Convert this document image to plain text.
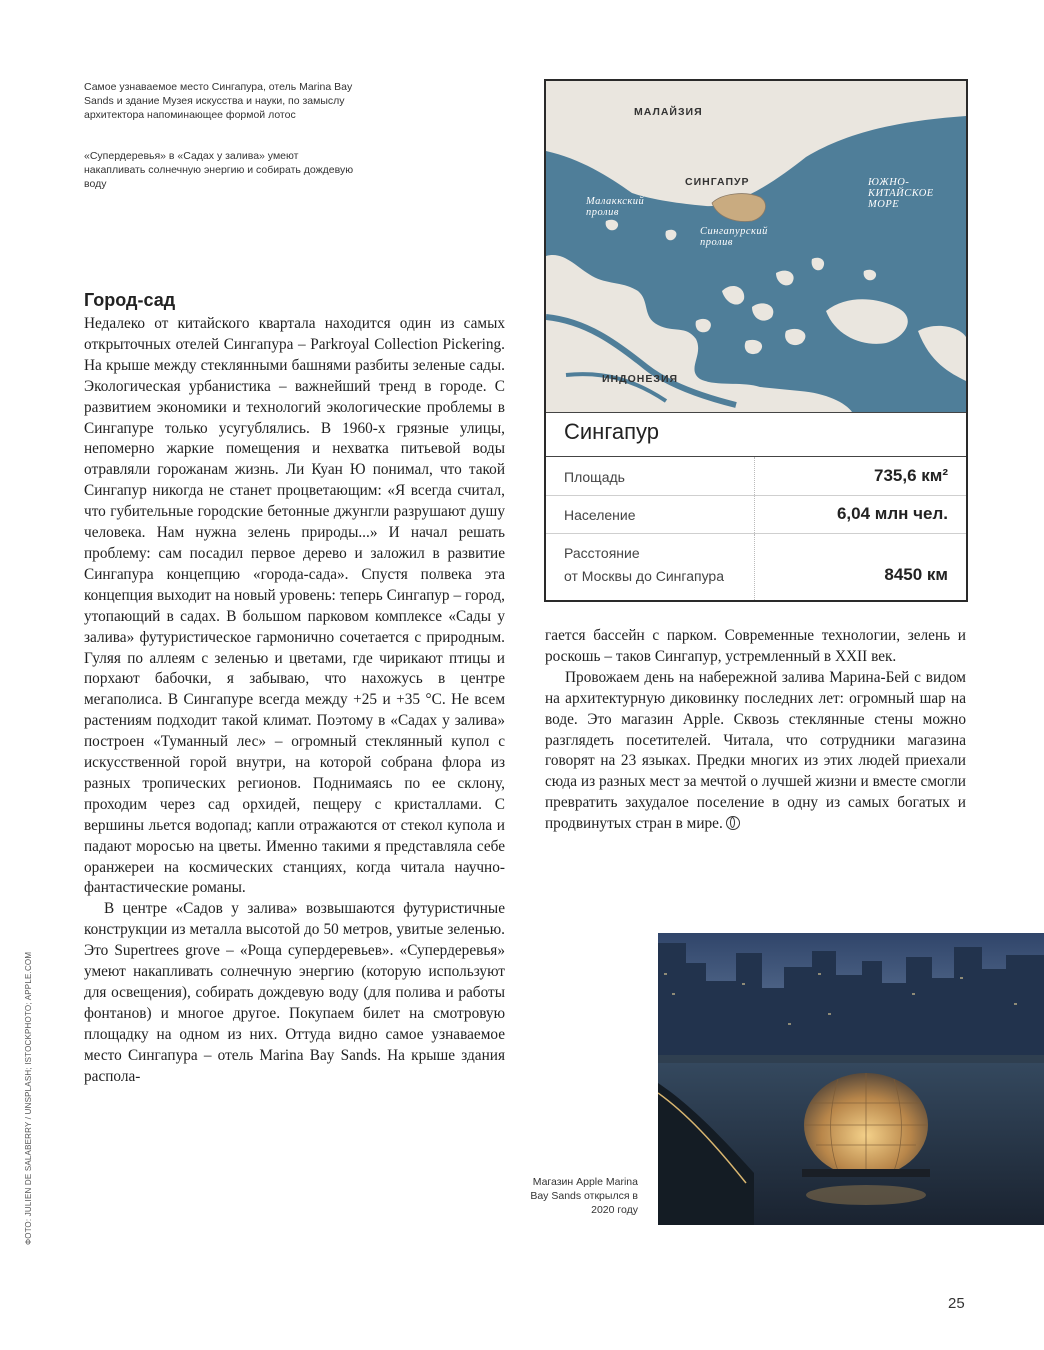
Самое узнаваемое место Сингапура, отель Marina Bay Sands и здание Музея искусства и науки, по замыслу архитектора напоминающее формой лотос
«Супердеревья» в «Садах у залива» умеют накапливать солнечную энергию и собирать дождевую воду
Город-сад

Недалеко от китайского квартала находится один из самых открыточных отелей Сингапура – Parkroyal Collection Pickering. На крыше между стеклянными башнями разбиты зеленые сады. Экологическая урбанистика – важнейший тренд в городе. С развитием экономики и технологий экологические проблемы в Сингапуре только усугублялись. В 1960-х грязные улицы, непомерно жаркие помещения и нехватка питьевой воды отравляли горожанам жизнь. Ли Куан Ю понимал, что такой Сингапур никогда не станет процветающим: «Я всегда считал, что губительные городские бетонные джунгли разрушают душу человека. Нам нужна зелень природы...» И начал решать проблему: сам посадил первое дерево и заложил в развитие Сингапура концепцию «города-сада». Спустя полвека эта концепция выходит на новый уровень: теперь Сингапур – город, утопающий в садах. В большом парковом комплексе «Сады у залива» футуристическое гармонично сочетается с природным. Гуляя по аллеям с зеленью и цветами, где чирикают птицы и порхают бабочки, я забываю, что нахожусь в центре мегаполиса. В Сингапуре всегда между +25 и +35 °C. Не всем растениям подходит такой климат. Поэтому в «Садах у залива» построен «Туманный лес» – огромный стеклянный купол с искусственной горой внутри, на которой собрана флора из разных тропических регионов. Поднимаясь по ее склону, проходим через сад орхидей, пещеру с кристаллами. С вершины льется водопад; капли отражаются от стекол купола и падают моросью на цветы. Именно такими я представляла себе оранжереи на космических станциях, когда читала научно-фантастические романы.

В центре «Садов у залива» возвышаются футуристичные конструкции из металла высотой до 50 метров, увитые зеленью. Это Supertrees grove – «Роща супердеревьев». «Супердеревья» умеют накапливать солнечную энергию (которую используют для освещения), собирать дождевую воду (для полива и работы фонтанов) и многое другое. Покупаем билет на смотровую площадку на одном из них. Оттуда видно самое узнаваемое место Сингапура – отель Marina Bay Sands. На крыше здания распола-

гается бассейн с парком. Современные технологии, зелень и роскошь – таков Сингапур, устремленный в XXII век.

Провожаем день на набережной залива Марина-Бей с видом на архитектурную диковинку последних лет: огромный шар на воде. Это магазин Apple. Сквозь стеклянные стены можно разглядеть посетителей. Читала, что сотрудники магазина говорят на 23 языках. Предки многих из этих людей приехали сюда из разных мест за мечтой о лучшей жизни и вместе смогли превратить захудалое поселение в одну из самых богатых и продвинутых стран в мире.

ФОТО: JULIEN DE SALABERRY / UNSPLASH; ISTOCKPHOTO; APPLE.COM
МАЛАЙЗИЯ
СИНГАПУР
ИНДОНЕЗИЯ
Малаккский
пролив
Сингапурский
пролив
ЮЖНО-
КИТАЙСКОЕ
МОРЕ
Сингапур
Площадь	735,6 км²
Население	6,04 млн чел.
Расстояние
от Москвы до Сингапура	8450 км
Магазин Apple Marina Bay Sands открылся в 2020 году
25
